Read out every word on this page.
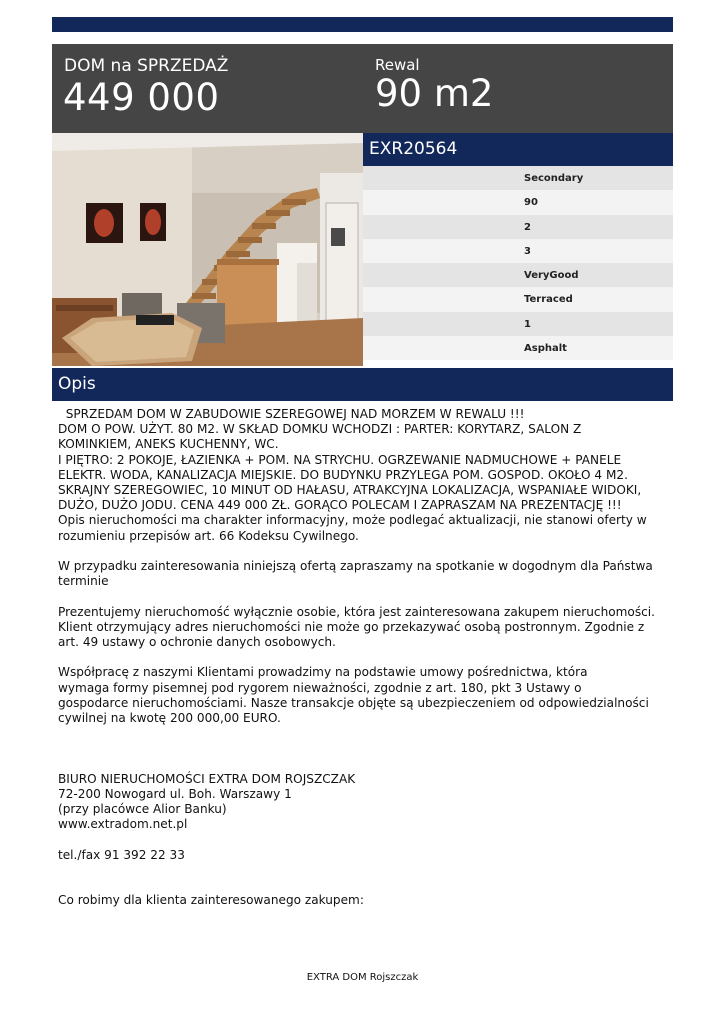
DOM na SPRZEDAŻ
449 000
Rewal
90 m2
EXR20564
Secondary
90
2
3
VeryGood
Terraced
1
Asphalt
Opis

SPRZEDAM DOM W ZABUDOWIE SZEREGOWEJ NAD MORZEM W REWALU !!!

DOM O POW. UŻYT. 80 M2. W SKŁAD DOMKU WCHODZI : PARTER: KORYTARZ, SALON Z

KOMINKIEM, ANEKS KUCHENNY, WC.

I PIĘTRO: 2 POKOJE, ŁAZIENKA + POM. NA STRYCHU. OGRZEWANIE NADMUCHOWE + PANELE

ELEKTR. WODA, KANALIZACJA MIEJSKIE. DO BUDYNKU PRZYLEGA POM. GOSPOD. OKOŁO 4 M2.

SKRAJNY SZEREGOWIEC, 10 MINUT OD HAŁASU, ATRAKCYJNA LOKALIZACJA, WSPANIAŁE WIDOKI,

DUŻO, DUŻO JODU. CENA 449 000 ZŁ. GORĄCO POLECAM I ZAPRASZAM NA PREZENTACJĘ !!!

Opis nieruchomości ma charakter informacyjny, może podlegać aktualizacji, nie stanowi oferty w

rozumieniu przepisów art. 66 Kodeksu Cywilnego.

W przypadku zainteresowania niniejszą ofertą zapraszamy na spotkanie w dogodnym dla Państwa

terminie

Prezentujemy nieruchomość wyłącznie osobie, która jest zainteresowana zakupem nieruchomości.

Klient otrzymujący adres nieruchomości nie może go przekazywać osobą postronnym. Zgodnie z

art. 49 ustawy o ochronie danych osobowych.

Współpracę z naszymi Klientami prowadzimy na podstawie umowy pośrednictwa, która

wymaga formy pisemnej pod rygorem nieważności, zgodnie z art. 180, pkt 3 Ustawy o

gospodarce nieruchomościami. Nasze transakcje objęte są ubezpieczeniem od odpowiedzialności

cywilnej na kwotę 200 000,00 EURO.

BIURO NIERUCHOMOŚCI EXTRA DOM ROJSZCZAK

72-200 Nowogard ul. Boh. Warszawy 1

(przy placówce Alior Banku)

www.extradom.net.pl

tel./fax 91 392 22 33

Co robimy dla klienta zainteresowanego zakupem:

EXTRA DOM Rojszczak
